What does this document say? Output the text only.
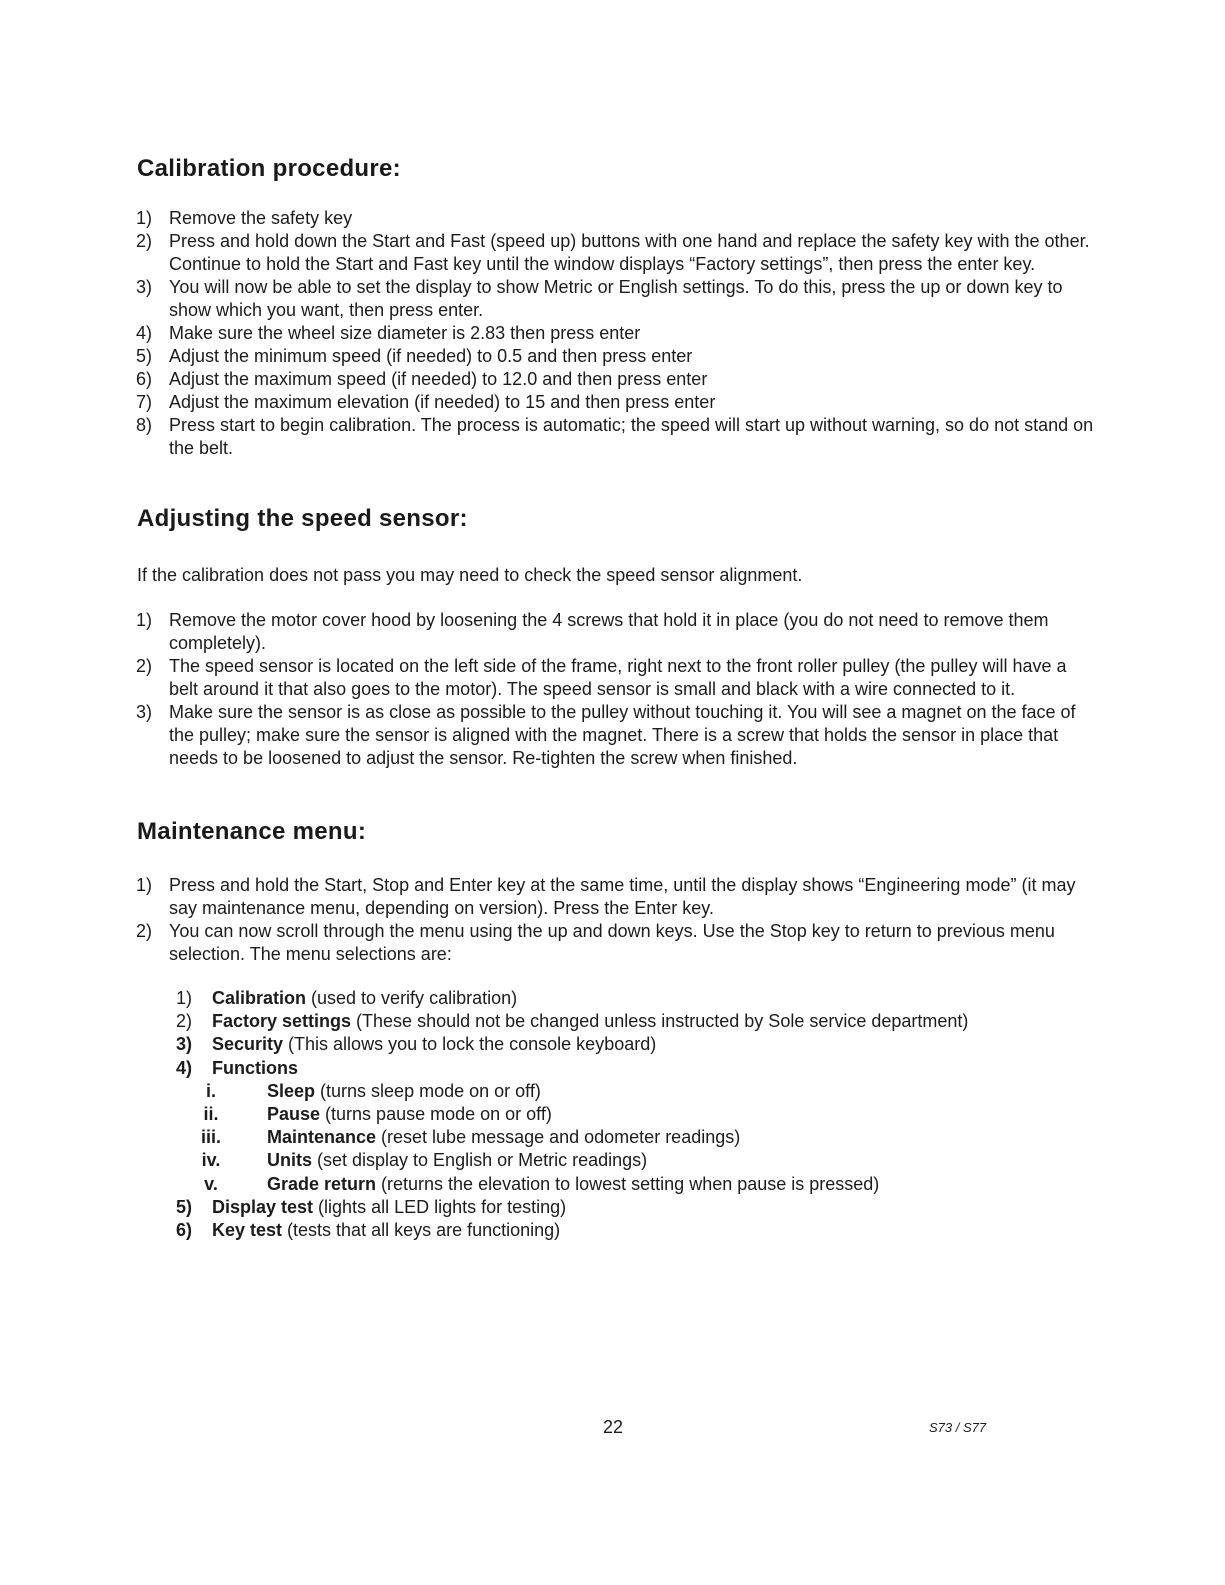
Calibration procedure:
1) Remove the safety key
2) Press and hold down the Start and Fast (speed up) buttons with one hand and replace the safety key with the other. Continue to hold the Start and Fast key until the window displays “Factory settings”, then press the enter key.
3) You will now be able to set the display to show Metric or English settings. To do this, press the up or down key to show which you want, then press enter.
4) Make sure the wheel size diameter is 2.83 then press enter
5) Adjust the minimum speed (if needed) to 0.5 and then press enter
6) Adjust the maximum speed (if needed) to 12.0 and then press enter
7) Adjust the maximum elevation (if needed) to 15 and then press enter
8) Press start to begin calibration. The process is automatic; the speed will start up without warning, so do not stand on the belt.
Adjusting the speed sensor:

If the calibration does not pass you may need to check the speed sensor alignment.

1) Remove the motor cover hood by loosening the 4 screws that hold it in place (you do not need to remove them completely).
2) The speed sensor is located on the left side of the frame, right next to the front roller pulley (the pulley will have a belt around it that also goes to the motor). The speed sensor is small and black with a wire connected to it.
3) Make sure the sensor is as close as possible to the pulley without touching it. You will see a magnet on the face of the pulley; make sure the sensor is aligned with the magnet. There is a screw that holds the sensor in place that needs to be loosened to adjust the sensor. Re-tighten the screw when finished.
Maintenance menu:
1) Press and hold the Start, Stop and Enter key at the same time, until the display shows “Engineering mode” (it may say maintenance menu, depending on version). Press the Enter key.
2) You can now scroll through the menu using the up and down keys. Use the Stop key to return to previous menu selection. The menu selections are:
1) Calibration (used to verify calibration)
2) Factory settings (These should not be changed unless instructed by Sole service department)
3) Security (This allows you to lock the console keyboard)
4) Functions
i.	Sleep (turns sleep mode on or off)
ii.	Pause (turns pause mode on or off)
iii.	Maintenance (reset lube message and odometer readings)
iv.	Units (set display to English or Metric readings)
v.	Grade return (returns the elevation to lowest setting when pause is pressed)
5) Display test (lights all LED lights for testing)
6) Key test (tests that all keys are functioning)
22	S73 / S77
